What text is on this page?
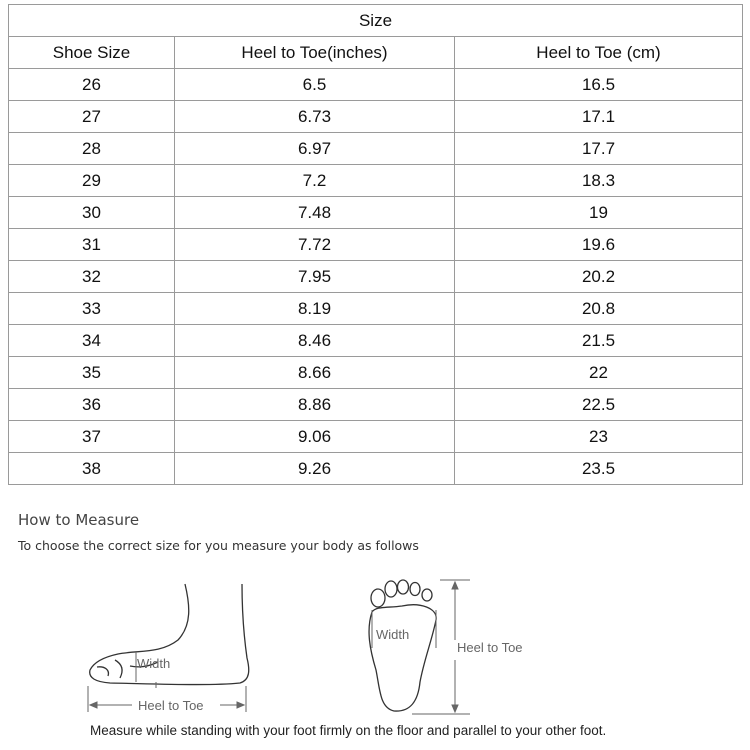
Size		
Shoe Size	Heel to Toe(inches)	Heel to Toe (cm)
26	6.5	16.5
27	6.73	17.1
28	6.97	17.7
29	7.2	18.3
30	7.48	19
31	7.72	19.6
32	7.95	20.2
33	8.19	20.8
34	8.46	21.5
35	8.66	22
36	8.86	22.5
37	9.06	23
38	9.26	23.5
How to Measure
To choose the correct size for you measure your body as follows
Width
Heel to Toe
Width
Heel to Toe
Measure while standing with your foot firmly on the floor and parallel to your other foot.
